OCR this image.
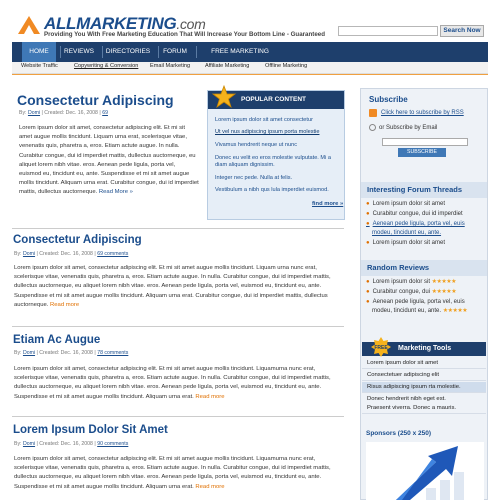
ALLMARKETING.com
Providing You With Free Marketing Education That Will Increase Your Bottom Line - Guaranteed
Search Now
HOME	REVIEWS	DIRECTORIES	FORUM	FREE MARKETING
Website Traffic	Copywriting & Conversion Email Marketing	Affiliate Marketing	Offline Marketing
Consectetur Adipiscing
By: Domi | Created: Dec. 16, 2008 | 69
Lorem ipsum dolor sit amet, consectetur adipiscing elit. Et mi sit amet augue mollis tincidunt. Liquam urna erat, scelerisque vitae, venenatis quis, pharetra a, eros. Etiam actute augue. In nulla. Curabitur congue, dui id imperdiet mattis, dullectus auctorneque, eu aliquet lorem nibh vitae. eros. Aenean pede ligula, porta vel, euismod eu, tincidunt eu, ante. Suspendisse et mi sit amet augue mollis tincidunt. Aliquam urna erat. Curabitur congue, dui id imperdiet mattis, dullectus auctorneque. Read More »
POPULAR CONTENT
Lorem ipsum dolor sit amet consectetur
Ut vel nus adipiscing ipsum porta molestie
Vivamus hendrerit neque ut nunc
Donec eu velit eo eros molestie vulputate. Mi a diam aliquam dignissim.
Integer nec pede. Nulla at felis.
Vestibulum a nibh qus lula imperdiet euismod.
find more »
Consectetur Adipiscing
By: Domi | Created: Dec. 16, 2008 | 69 comments
Lorem ipsum dolor sit amet, consectetur adipiscing elit. Et mi sit amet augue mollis tincidunt. Liquam urna nunc erat, scelerisque vitae, venenatis quis, pharetra a, eros. Etiam actute augue. In nulla. Curabitur congue, dui id imperdiet mattis, dullectus auctorneque, eu aliquet lorem nibh vitae. eros. Aenean pede ligula, porta vel, euismod eu, tincidunt eu, ante. Suspendisse et mi sit amet augue mollis tincidunt. Aliquam urna erat. Curabitur congue, dui id imperdiet mattis, dullectus auctorneque. Read more
Etiam Ac Augue
By: Domi | Created: Dec. 16, 2008 | 78 comments
Lorem ipsum dolor sit amet, consectetur adipiscing elit. Et mi sit amet augue mollis tincidunt. Liquamurna nunc erat, scelerisque vitae, venenatis quis, pharetra a, eros. Etiam actute augue. In nulla. Curabitur congue, dui id imperdiet mattis, dullectus auctorneque, eu aliquet lorem nibh vitae. eros. Aenean pede ligula, porta vel, euismod eu, tincidunt eu, ante. Suspendisse et mi sit amet augue mollis tincidunt. Aliquam urna erat. Read more
Lorem Ipsum Dolor Sit Amet
By: Domi | Created: Dec. 16, 2008 | 90 comments
Lorem ipsum dolor sit amet, consectetur adipiscing elit. Et mi sit amet augue mollis tincidunt. Liquamurna nunc erat, scelerisque vitae, venenatis quis, pharetra a, eros. Etiam actute augue. In nulla. Curabitur congue, dui id imperdiet mattis, dullectus auctorneque, eu aliquet lorem nibh vitae. eros. Aenean pede ligula, porta vel, euismod eu, tincidunt eu, ante. Suspendisse et mi sit amet augue mollis tincidunt. Aliquam urna erat. Read more
Subscribe
Click here to subscribe by RSS
or Subscribe by Email
SUBSCRIBE
Interesting Forum Threads
● Lorem ipsum dolor sit amet
● Curabitur congue, dui id imperdiet
● Aenean pede ligula, porta vel, euis
modeu, tincidunt eu, ante.
● Lorem ipsum dolor sit amet
Random Reviews
● Lorem ipsum dolor sit ★★★★★
● Curabitur congue, dui ★★★★★
● Aenean pede ligula, porta vel, euis
modeu, tincidunt eu, ante. ★★★★★
FREE Marketing Tools
Lorem ipsum dolor sit amet
Consectetuer adipiscing elit
Risus adipiscing ipsum rta molestie.
Donec hendrerit nibh eget est.
Praesent viverra. Donec a mauris.
Sponsors (250 x 250)
